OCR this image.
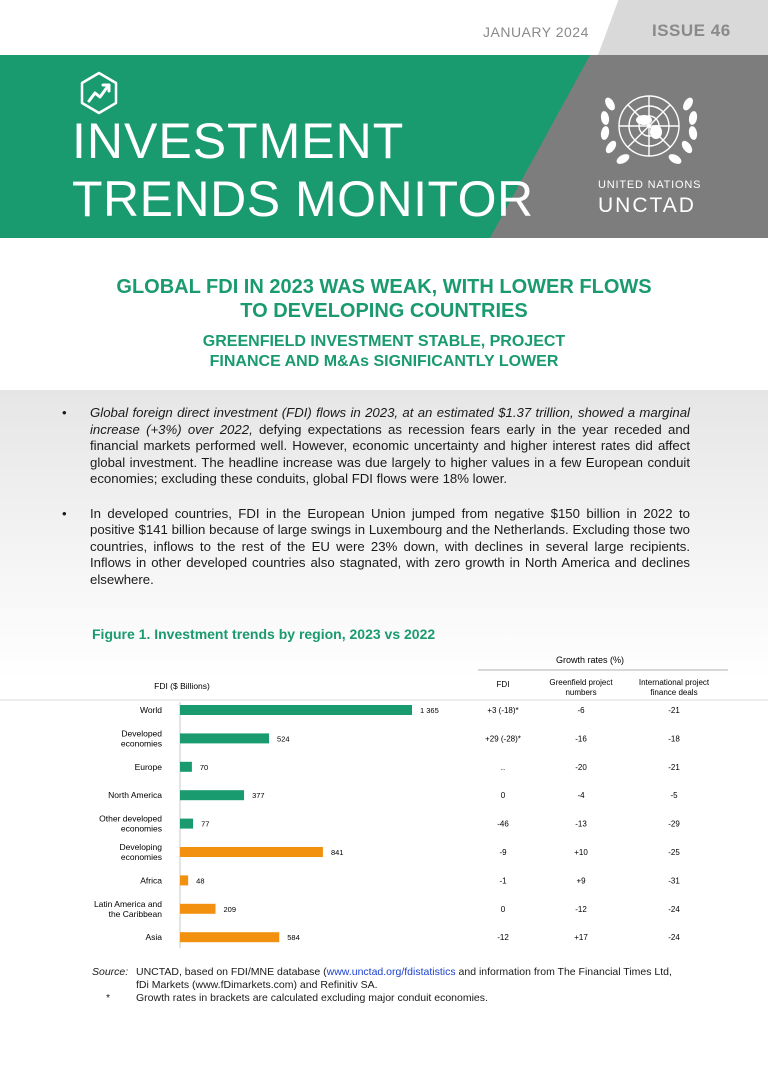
JANUARY 2024	ISSUE 46
INVESTMENT
TRENDS MONITOR	UNITED NATIONS
UNCTAD
GLOBAL FDI IN 2023 WAS WEAK, WITH LOWER FLOWS
TO DEVELOPING COUNTRIES
GREENFIELD INVESTMENT STABLE, PROJECT
FINANCE AND M&As SIGNIFICANTLY LOWER
• Global foreign direct investment (FDI) flows in 2023, at an estimated $1.37 trillion, showed a marginal increase (+3%) over 2022, defying expectations as recession fears early in the year receded and financial markets performed well. However, economic uncertainty and higher interest rates did affect global investment. The headline increase was due largely to higher values in a few European conduit economies; excluding these conduits, global FDI flows were 18% lower.
• In developed countries, FDI in the European Union jumped from negative $150 billion in 2022 to positive $141 billion because of large swings in Luxembourg and the Netherlands. Excluding those two countries, inflows to the rest of the EU were 23% down, with declines in several large recipients. Inflows in other developed countries also stagnated, with zero growth in North America and declines elsewhere.
Figure 1. Investment trends by region, 2023 vs 2022
Growth rates (%)
FDI	Greenfield project
numbers
International project
finance deals
FDI ($ Billions)
World	1 365	+3 (-18)*	-6	-21
Developed
economies	524	+29 (-28)*	-16	-18
Europe	70	..	-20	-21
North America	377	0	-4	-5
Other developed
economies	77	-46	-13	-29
Developing
economies	841	-9	+10	-25
Africa	48	-1	+9	-31
Latin America and
the Caribbean	209	0	-12	-24
Asia	584	-12	+17	-24
Source: UNCTAD, based on FDI/MNE database (www.unctad.org/fdistatistics and information from The Financial Times Ltd,
fDi Markets (www.fDimarkets.com) and Refinitiv SA.
* Growth rates in brackets are calculated excluding major conduit economies.
